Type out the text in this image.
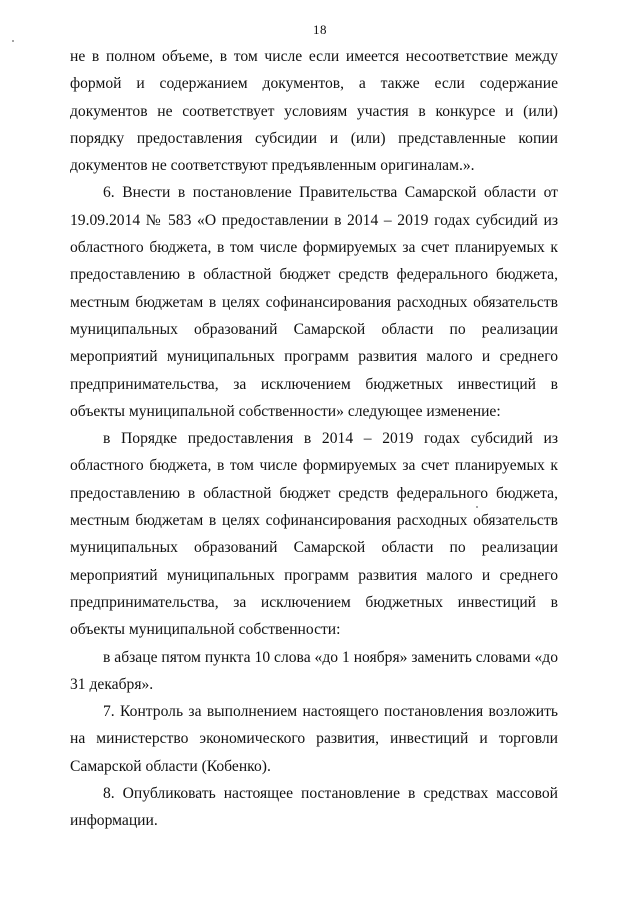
18

не в полном объеме, в том числе если имеется несоответствие между формой и содержанием документов, а также если содержание документов не соответствует условиям участия в конкурсе и (или) порядку предоставления субсидии и (или) представленные копии документов не соответствуют предъявленным оригиналам.».

6. Внести в постановление Правительства Самарской области от 19.09.2014 № 583 «О предоставлении в 2014 – 2019 годах субсидий из областного бюджета, в том числе формируемых за счет планируемых к предоставлению в областной бюджет средств федерального бюджета, местным бюджетам в целях софинансирования расходных обязательств муниципальных образований Самарской области по реализации мероприятий муниципальных программ развития малого и среднего предпринимательства, за исключением бюджетных инвестиций в объекты муниципальной собственности» следующее изменение:

в Порядке предоставления в 2014 – 2019 годах субсидий из областного бюджета, в том числе формируемых за счет планируемых к предоставлению в областной бюджет средств федерального бюджета, местным бюджетам в целях софинансирования расходных обязательств муниципальных образований Самарской области по реализации мероприятий муниципальных программ развития малого и среднего предпринимательства, за исключением бюджетных инвестиций в объекты муниципальной собственности:

в абзаце пятом пункта 10 слова «до 1 ноября» заменить словами «до 31 декабря».

7. Контроль за выполнением настоящего постановления возложить на министерство экономического развития, инвестиций и торговли Самарской области (Кобенко).

8. Опубликовать настоящее постановление в средствах массовой информации.
